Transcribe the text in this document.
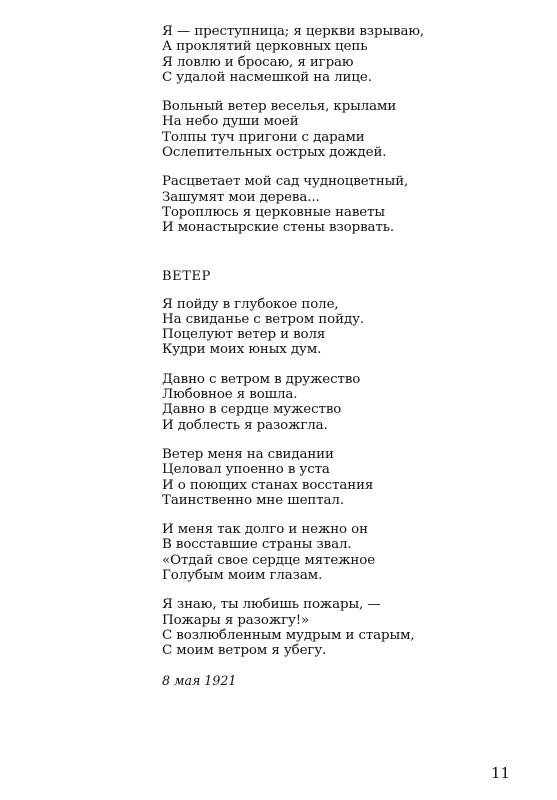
Я — преступница; я церкви взрываю,
А проклятий церковных цепь
Я ловлю и бросаю, я играю
С удалой насмешкой на лице.
Вольный ветер веселья, крылами
На небо души моей
Толпы туч пригони с дарами
Ослепительных острых дождей.
Расцветает мой сад чудноцветный,
Зашумят мои дерева...
Тороплюсь я церковные наветы
И монастырские стены взорвать.
ВЕТЕР
Я пойду в глубокое поле,
На свиданье с ветром пойду.
Поцелуют ветер и воля
Кудри моих юных дум.
Давно с ветром в дружество
Любовное я вошла.
Давно в сердце мужество
И доблесть я разожгла.
Ветер меня на свидании
Целовал упоенно в уста
И о поющих станах восстания
Таинственно мне шептал.
И меня так долго и нежно он
В восставшие страны звал.
«Отдай свое сердце мятежное
Голубым моим глазам.
Я знаю, ты любишь пожары, —
Пожары я разожгу!»
С возлюбленным мудрым и старым,
С моим ветром я убегу.
8 мая 1921
11
